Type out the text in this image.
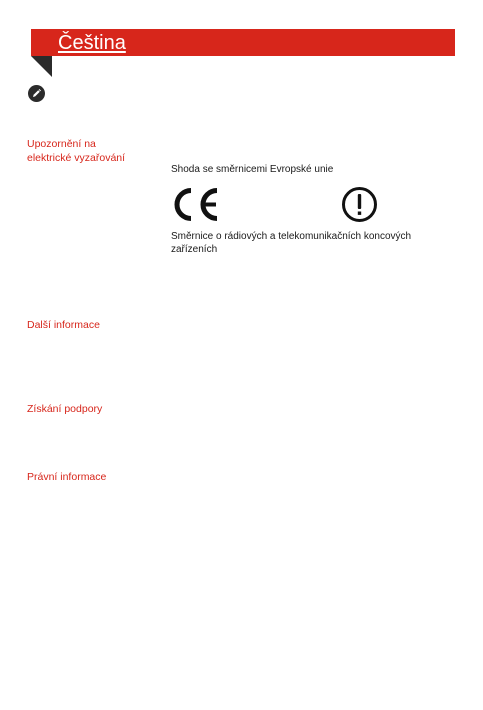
Čeština
Upozornění na
elektrické vyzařování
Shoda se směrnicemi Evropské unie
Směrnice o rádiových a telekomunikačních koncových
zařízeních
Další informace
Získání podpory
Právní informace
